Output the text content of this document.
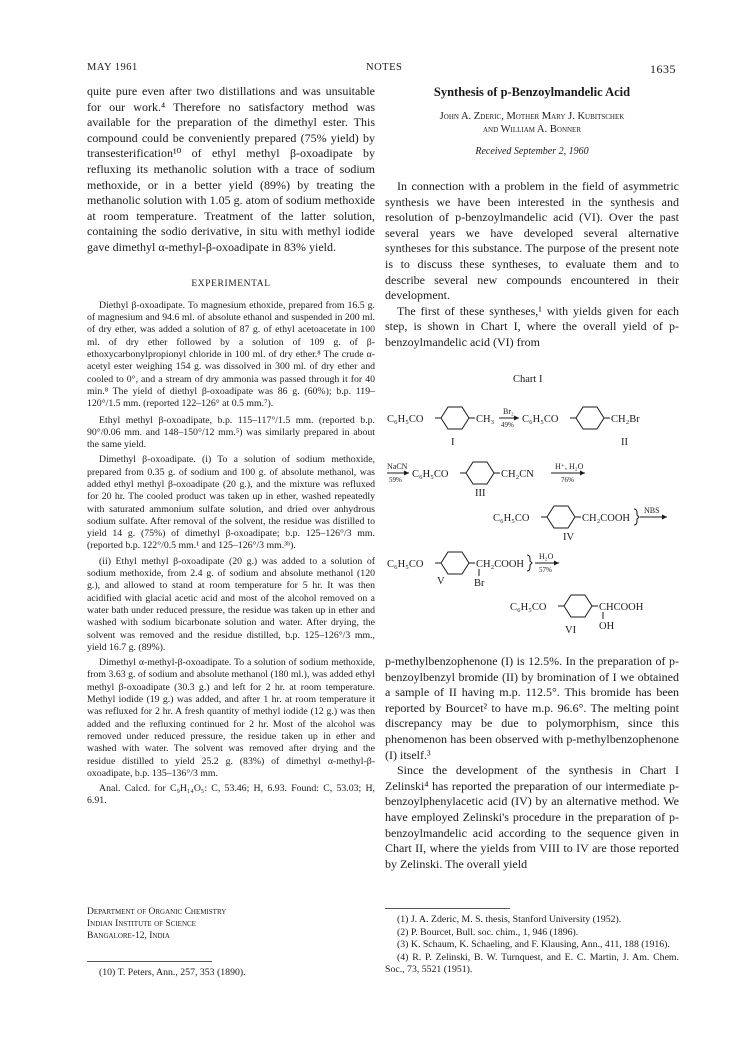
MAY 1961	NOTES	1635

quite pure even after two distillations and was unsuitable for our work.⁴ Therefore no satisfactory method was available for the preparation of the dimethyl ester. This compound could be conveniently prepared (75% yield) by transesterification¹⁰ of ethyl methyl β-oxoadipate by refluxing its methanolic solution with a trace of sodium methoxide, or in a better yield (89%) by treating the methanolic solution with 1.05 g. atom of sodium methoxide at room temperature. Treatment of the latter solution, containing the sodio derivative, in situ with methyl iodide gave dimethyl α-methyl-β-oxoadipate in 83% yield.

EXPERIMENTAL

Diethyl β-oxoadipate. To magnesium ethoxide, prepared from 16.5 g. of magnesium and 94.6 ml. of absolute ethanol and suspended in 200 ml. of dry ether, was added a solution of 87 g. of ethyl acetoacetate in 100 ml. of dry ether followed by a solution of 109 g. of β-ethoxycarbonylpropionyl chloride in 100 ml. of dry ether.⁸ The crude α-acetyl ester weighing 154 g. was dissolved in 300 ml. of dry ether and cooled to 0°, and a stream of dry ammonia was passed through it for 40 min.⁸ The yield of diethyl β-oxoadipate was 86 g. (60%); b.p. 119–120°/1.5 mm. (reported 122–126° at 0.5 mm.⁷).

Ethyl methyl β-oxoadipate, b.p. 115–117°/1.5 mm. (reported b.p. 90°/0.06 mm. and 148–150°/12 mm.⁵) was similarly prepared in about the same yield.

Dimethyl β-oxoadipate. (i) To a solution of sodium methoxide, prepared from 0.35 g. of sodium and 100 g. of absolute methanol, was added ethyl methyl β-oxoadipate (20 g.), and the mixture was refluxed for 20 hr. The cooled product was taken up in ether, washed repeatedly with saturated ammonium sulfate solution, and dried over anhydrous sodium sulfate. After removal of the solvent, the residue was distilled to yield 14 g. (75%) of dimethyl β-oxoadipate; b.p. 125–126°/3 mm. (reported b.p. 122°/0.5 mm.¹ and 125–126°/3 mm.³ᵇ).

(ii) Ethyl methyl β-oxoadipate (20 g.) was added to a solution of sodium methoxide, from 2.4 g. of sodium and absolute methanol (120 g.), and allowed to stand at room temperature for 5 hr. It was then acidified with glacial acetic acid and most of the alcohol removed on a water bath under reduced pressure, the residue was taken up in ether and washed with sodium bicarbonate solution and water. After drying, the solvent was removed and the residue distilled, b.p. 125–126°/3 mm., yield 16.7 g. (89%).

Dimethyl α-methyl-β-oxoadipate. To a solution of sodium methoxide, from 3.63 g. of sodium and absolute methanol (180 ml.), was added ethyl methyl β-oxoadipate (30.3 g.) and left for 2 hr. at room temperature. Methyl iodide (19 g.) was added, and after 1 hr. at room temperature it was refluxed for 2 hr. A fresh quantity of methyl iodide (12 g.) was then added and the refluxing continued for 2 hr. Most of the alcohol was removed under reduced pressure, the residue taken up in ether and washed with water. The solvent was removed after drying and the residue distilled to yield 25.2 g. (83%) of dimethyl α-methyl-β-oxoadipate, b.p. 135–136°/3 mm.

Anal. Calcd. for C₉H₁₄O₅: C, 53.46; H, 6.93. Found: C, 53.03; H, 6.91.

Department of Organic Chemistry
Indian Institute of Science
Bangalore-12, India

(10) T. Peters, Ann., 257, 353 (1890).

Synthesis of p-Benzoylmandelic Acid

John A. Zderic, Mother Mary J. Kubitschek

and William A. Bonner

Received September 2, 1960

In connection with a problem in the field of asymmetric synthesis we have been interested in the synthesis and resolution of p-benzoylmandelic acid (VI). Over the past several years we have developed several alternative syntheses for this substance. The purpose of the present note is to discuss these syntheses, to evaluate them and to describe several new compounds encountered in their development.

The first of these syntheses,¹ with yields given for each step, is shown in Chart I, where the overall yield of p-benzoylmandelic acid (VI) from

Chart I
C₆H₅CO	CH₃
I
Br₂
49% C₆H₅CO	CH₂Br
II
NaCN
59% C₆H₅CO	CH₂CN
III
H⁺, H₂O
76%
C₆H₅CO	CH₂COOH
NBS
IV
C₆H₅CO	CH₂COOH
Br
H₂O
57%
V
C₆H₅CO	CHCOOH
OH
VI

p-methylbenzophenone (I) is 12.5%. In the preparation of p-benzoylbenzyl bromide (II) by bromination of I we obtained a sample of II having m.p. 112.5°. This bromide has been reported by Bourcet² to have m.p. 96.6°. The melting point discrepancy may be due to polymorphism, since this phenomenon has been observed with p-methylbenzophenone (I) itself.³

Since the development of the synthesis in Chart I Zelinski⁴ has reported the preparation of our intermediate p-benzoylphenylacetic acid (IV) by an alternative method. We have employed Zelinski's procedure in the preparation of p-benzoylmandelic acid according to the sequence given in Chart II, where the yields from VIII to IV are those reported by Zelinski. The overall yield

(1) J. A. Zderic, M. S. thesis, Stanford University (1952).

(2) P. Bourcet, Bull. soc. chim., 1, 946 (1896).

(3) K. Schaum, K. Schaeling, and F. Klausing, Ann., 411, 188 (1916).

(4) R. P. Zelinski, B. W. Turnquest, and E. C. Martin, J. Am. Chem. Soc., 73, 5521 (1951).
